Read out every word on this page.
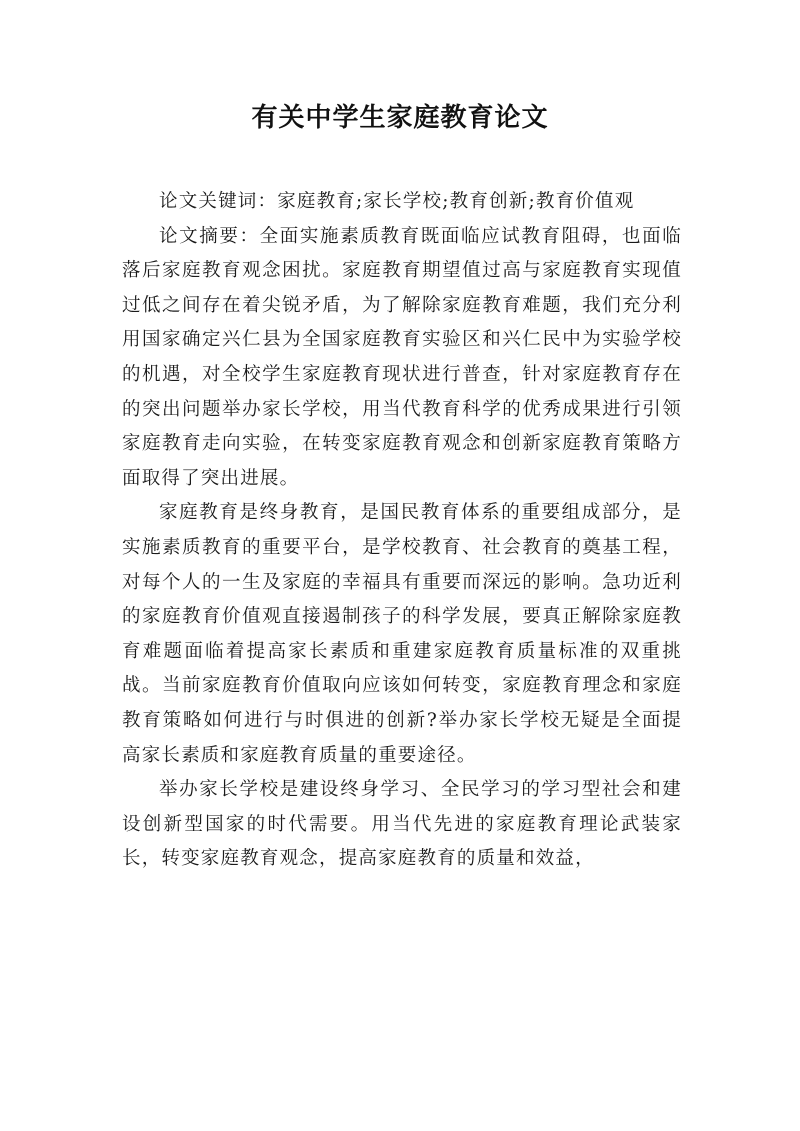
有关中学生家庭教育论文

论文关键词：家庭教育;家长学校;教育创新;教育价值观

论文摘要：全面实施素质教育既面临应试教育阻碍，也面临落后家庭教育观念困扰。家庭教育期望值过高与家庭教育实现值过低之间存在着尖锐矛盾，为了解除家庭教育难题，我们充分利用国家确定兴仁县为全国家庭教育实验区和兴仁民中为实验学校的机遇，对全校学生家庭教育现状进行普查，针对家庭教育存在的突出问题举办家长学校，用当代教育科学的优秀成果进行引领家庭教育走向实验，在转变家庭教育观念和创新家庭教育策略方面取得了突出进展。

家庭教育是终身教育，是国民教育体系的重要组成部分，是实施素质教育的重要平台，是学校教育、社会教育的奠基工程，对每个人的一生及家庭的幸福具有重要而深远的影响。急功近利的家庭教育价值观直接遏制孩子的科学发展，要真正解除家庭教育难题面临着提高家长素质和重建家庭教育质量标准的双重挑战。当前家庭教育价值取向应该如何转变，家庭教育理念和家庭教育策略如何进行与时俱进的创新?举办家长学校无疑是全面提高家长素质和家庭教育质量的重要途径。

举办家长学校是建设终身学习、全民学习的学习型社会和建设创新型国家的时代需要。用当代先进的家庭教育理论武装家长，转变家庭教育观念，提高家庭教育的质量和效益，
